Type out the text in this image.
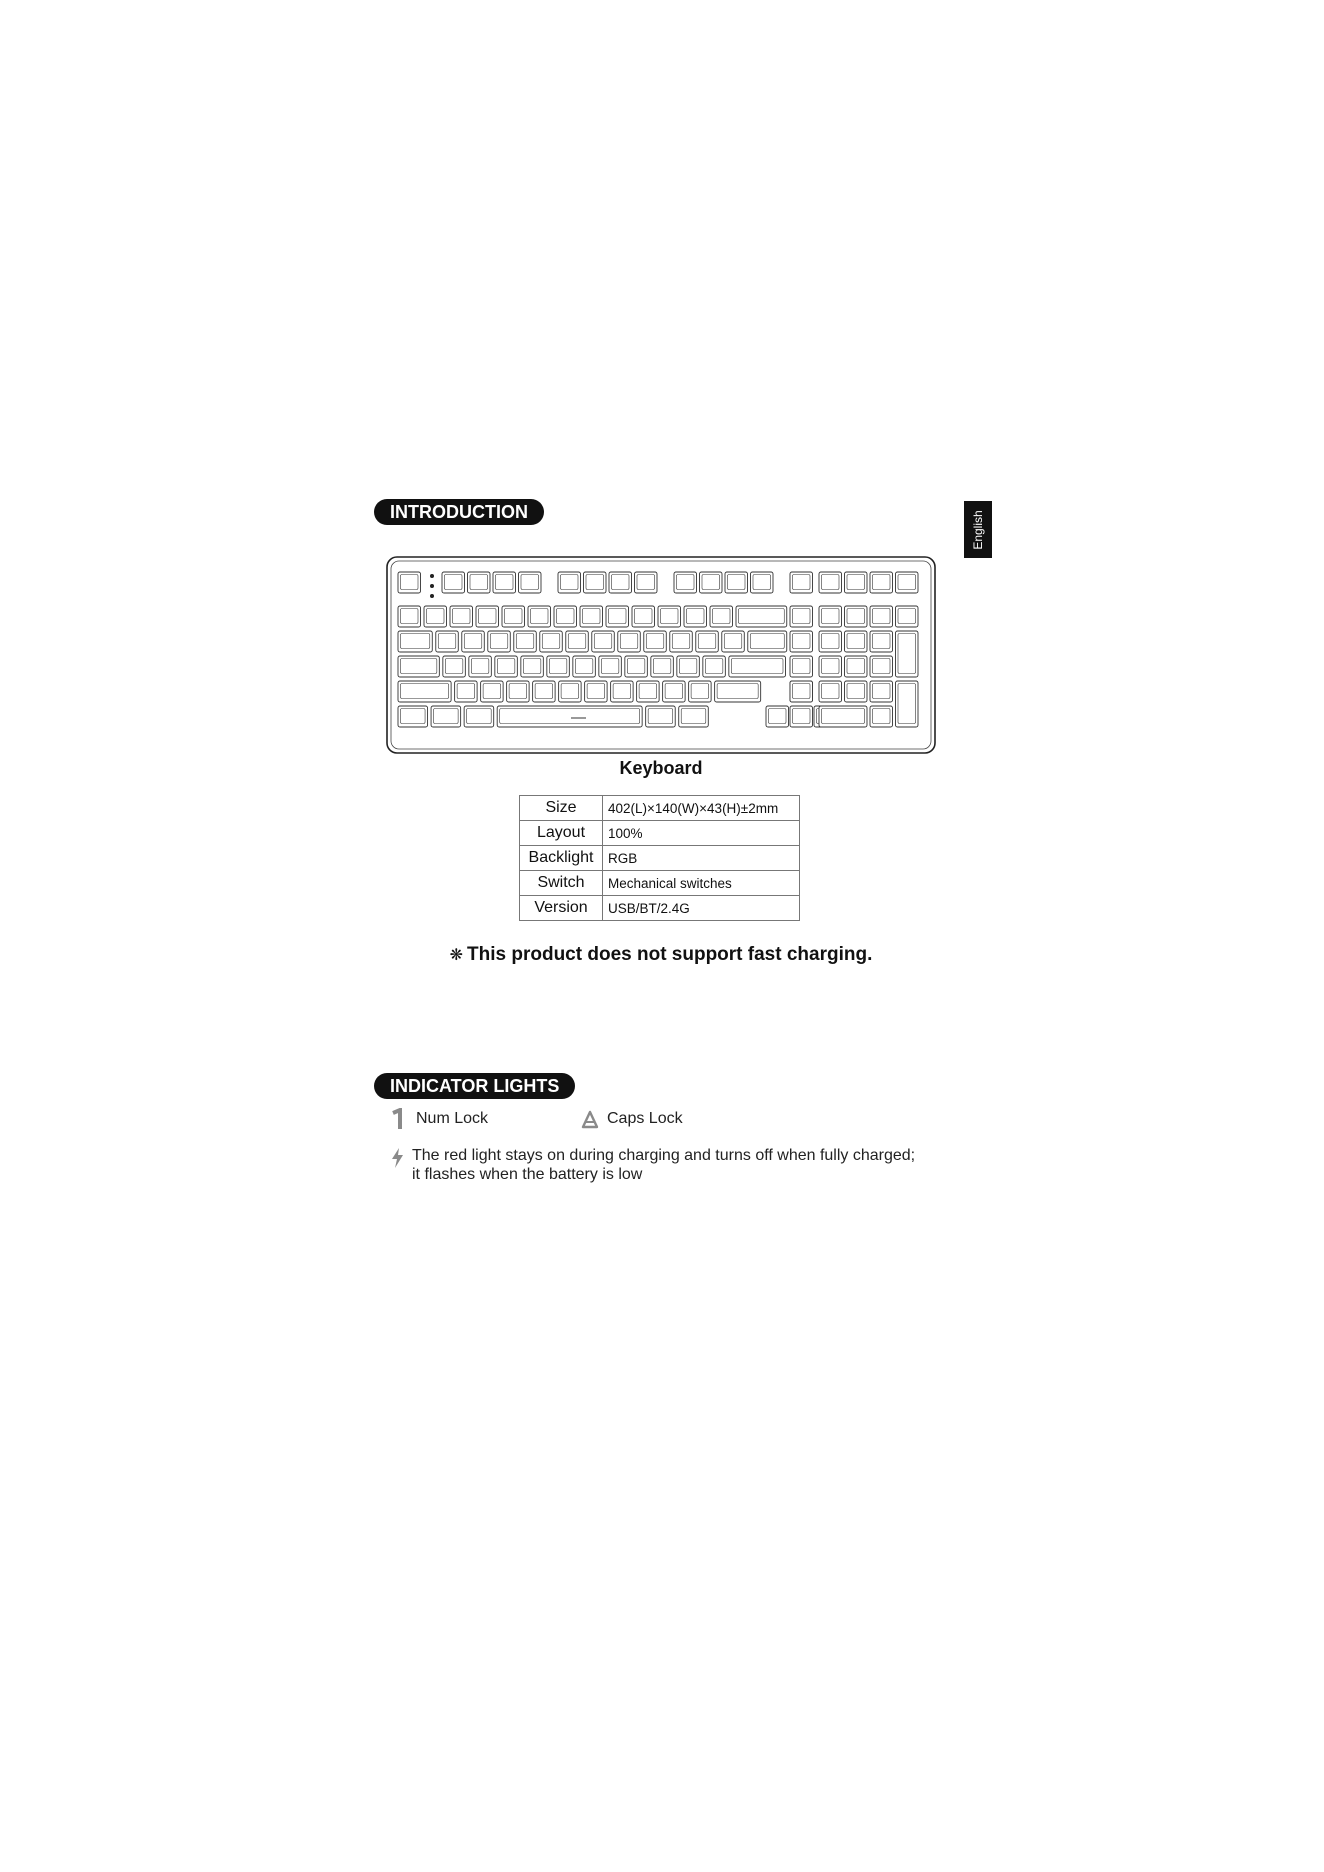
INTRODUCTION	English
Keyboard
Size	402(L)×140(W)×43(H)±2mm
Layout	100%
Backlight	RGB
Switch	Mechanical switches
Version	USB/BT/2.4G
❋ This product does not support fast charging.
INDICATOR LIGHTS
Num Lock	Caps Lock
The red light stays on during charging and turns off when fully charged;
it flashes when the battery is low
